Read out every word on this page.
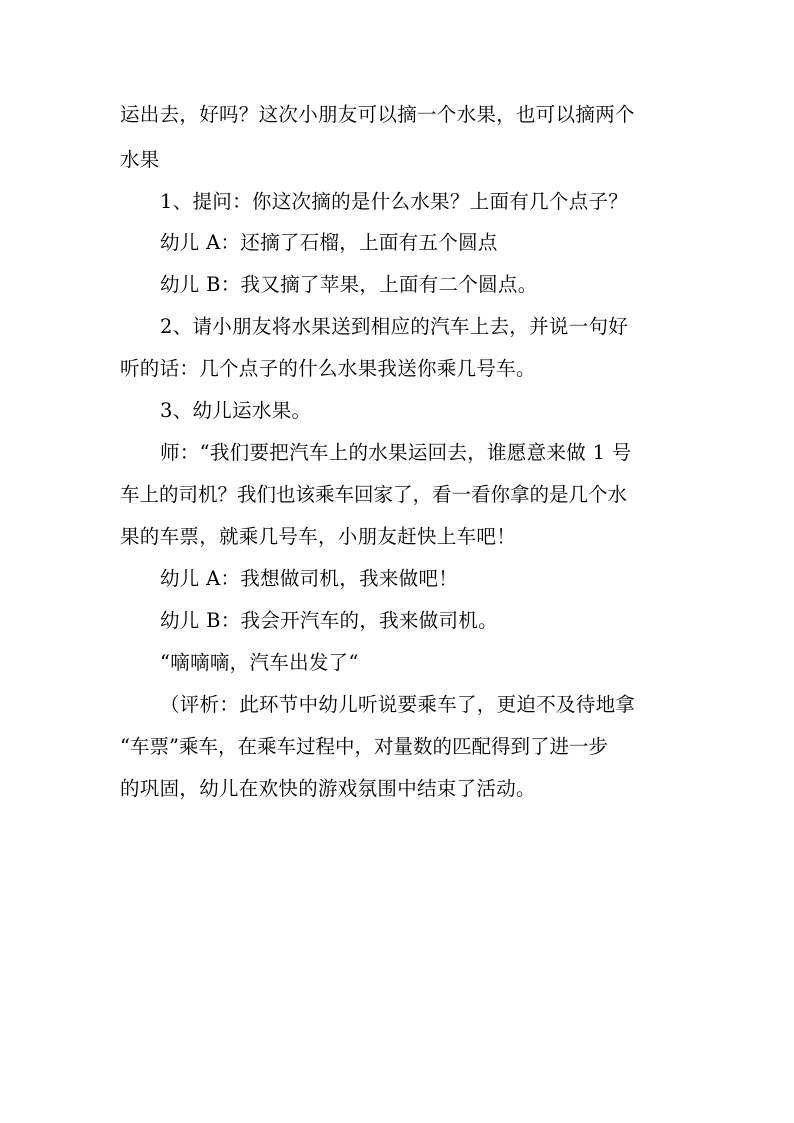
运出去，好吗？这次小朋友可以摘一个水果，也可以摘两个
水果
1、提问：你这次摘的是什么水果？上面有几个点子？
幼儿 A：还摘了石榴，上面有五个圆点
幼儿 B：我又摘了苹果，上面有二个圆点。
2、请小朋友将水果送到相应的汽车上去，并说一句好
听的话：几个点子的什么水果我送你乘几号车。
3、幼儿运水果。
师：“我们要把汽车上的水果运回去，谁愿意来做 1 号
车上的司机？我们也该乘车回家了，看一看你拿的是几个水
果的车票，就乘几号车，小朋友赶快上车吧！
幼儿 A：我想做司机，我来做吧！
幼儿 B：我会开汽车的，我来做司机。
“嘀嘀嘀，汽车出发了“
（评析：此环节中幼儿听说要乘车了，更迫不及待地拿
“车票”乘车，在乘车过程中，对量数的匹配得到了进一步
的巩固，幼儿在欢快的游戏氛围中结束了活动。
